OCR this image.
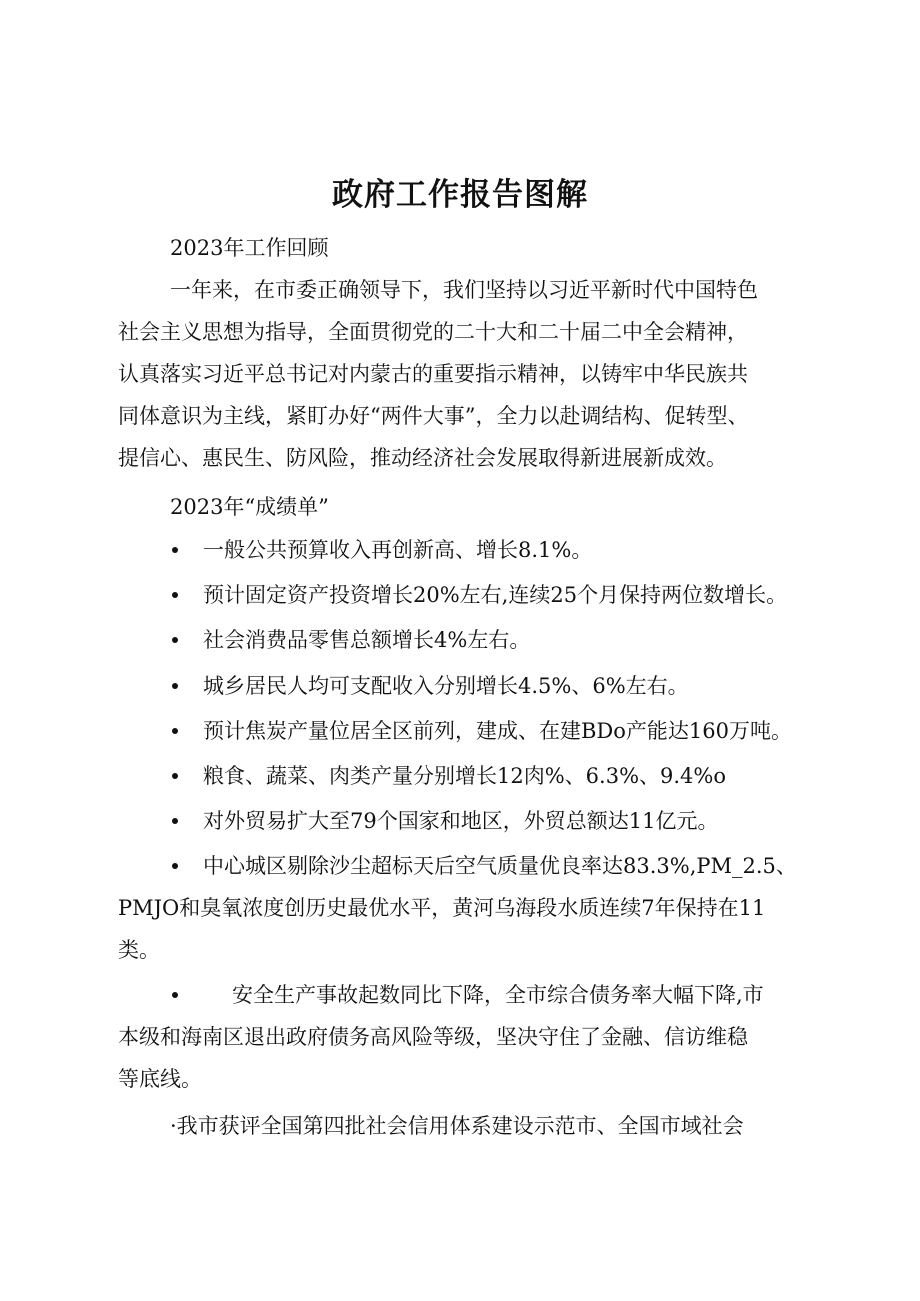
政府工作报告图解
2023年工作回顾
一年来，在市委正确领导下，我们坚持以习近平新时代中国特色
社会主义思想为指导，全面贯彻党的二十大和二十届二中全会精神，
认真落实习近平总书记对内蒙古的重要指示精神，以铸牢中华民族共
同体意识为主线，紧盯办好“两件大事”，全力以赴调结构、促转型、
提信心、惠民生、防风险，推动经济社会发展取得新进展新成效。
2023年“成绩单”
一般公共预算收入再创新高、增长8.1%。
预计固定资产投资增长20%左右,连续25个月保持两位数增长。
社会消费品零售总额增长4%左右。
城乡居民人均可支配收入分别增长4.5%、6%左右。
预计焦炭产量位居全区前列，建成、在建BDo产能达160万吨。
粮食、蔬菜、肉类产量分别增长12肉%、6.3%、9.4%o
对外贸易扩大至79个国家和地区，外贸总额达11亿元。
中心城区剔除沙尘超标天后空气质量优良率达83.3%,PM_2.5、
PMJO和臭氧浓度创历史最优水平，黄河乌海段水质连续7年保持在11
类。
安全生产事故起数同比下降，全市综合债务率大幅下降,市
本级和海南区退出政府债务高风险等级，坚决守住了金融、信访维稳
等底线。
·我市获评全国第四批社会信用体系建设示范市、全国市域社会
